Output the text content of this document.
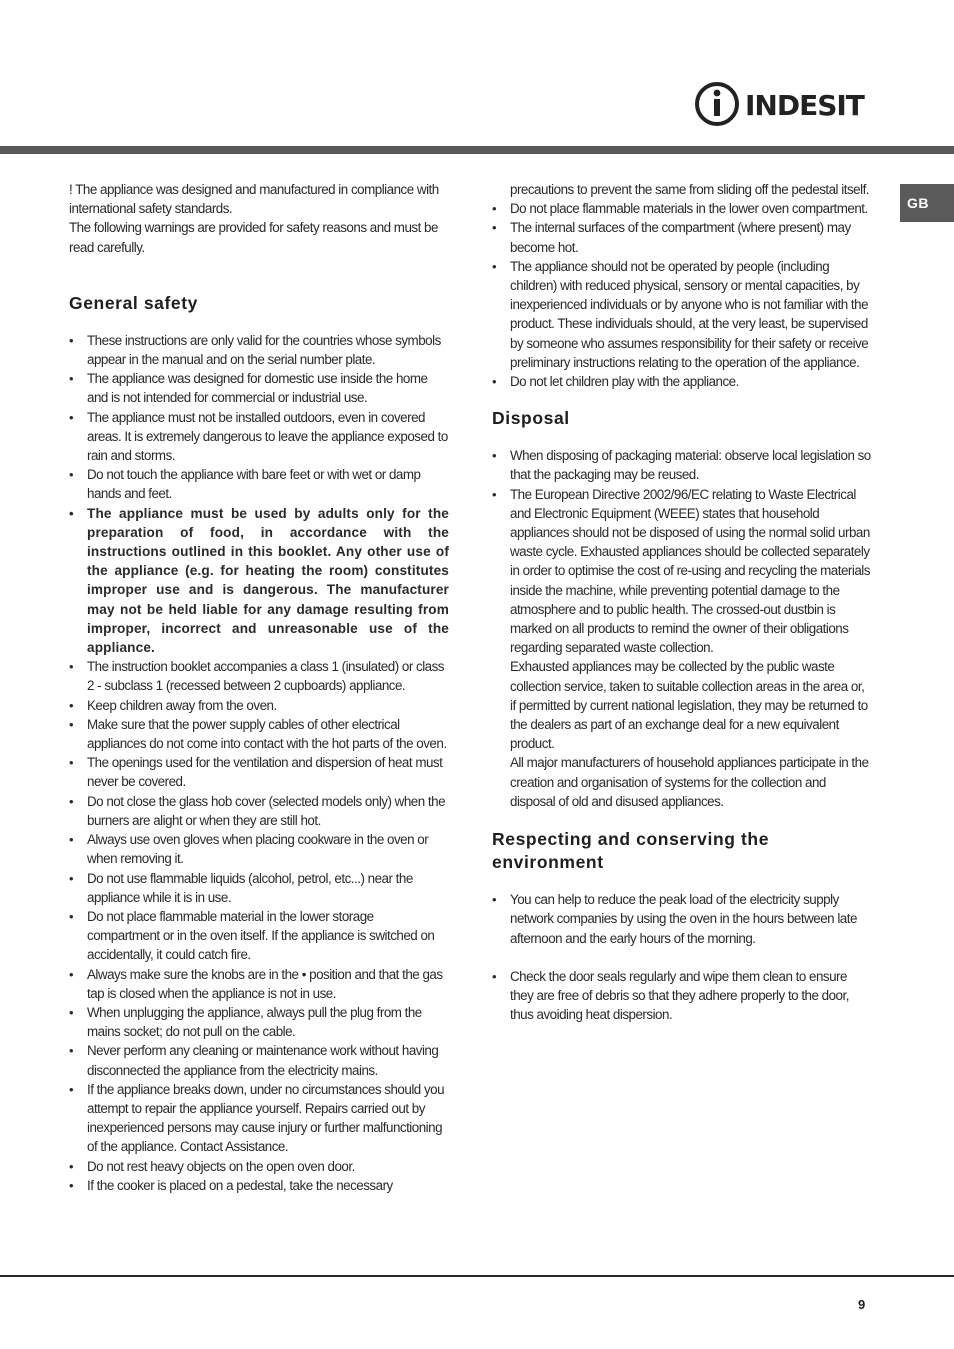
INDESIT
GB

! The appliance was designed and manufactured in compliance with international safety standards.

The following warnings are provided for safety reasons and must be read carefully.

General safety
• These instructions are only valid for the countries whose symbols appear in the manual and on the serial number plate.
• The appliance was designed for domestic use inside the home and is not intended for commercial or industrial use.
• The appliance must not be installed outdoors, even in covered areas. It is extremely dangerous to leave the appliance exposed to rain and storms.
• Do not touch the appliance with bare feet or with wet or damp hands and feet.
• The appliance must be used by adults only for the preparation of food, in accordance with the instructions outlined in this booklet. Any other use of the appliance (e.g. for heating the room) constitutes improper use and is dangerous. The manufacturer may not be held liable for any damage resulting from improper, incorrect and unreasonable use of the appliance.
• The instruction booklet accompanies a class 1 (insulated) or class 2 - subclass 1 (recessed between 2 cupboards) appliance.
• Keep children away from the oven.
• Make sure that the power supply cables of other electrical appliances do not come into contact with the hot parts of the oven.
• The openings used for the ventilation and dispersion of heat must never be covered.
• Do not close the glass hob cover (selected models only) when the burners are alight or when they are still hot.
• Always use oven gloves when placing cookware in the oven or when removing it.
• Do not use flammable liquids (alcohol, petrol, etc...) near the appliance while it is in use.
• Do not place flammable material in the lower storage compartment or in the oven itself. If the appliance is switched on accidentally, it could catch fire.
• Always make sure the knobs are in the • position and that the gas tap is closed when the appliance is not in use.
• When unplugging the appliance, always pull the plug from the mains socket; do not pull on the cable.
• Never perform any cleaning or maintenance work without having disconnected the appliance from the electricity mains.
• If the appliance breaks down, under no circumstances should you attempt to repair the appliance yourself. Repairs carried out by inexperienced persons may cause injury or further malfunctioning of the appliance. Contact Assistance.
• Do not rest heavy objects on the open oven door.
• If the cooker is placed on a pedestal, take the necessary
precautions to prevent the same from sliding off the pedestal itself.
• Do not place flammable materials in the lower oven compartment.
• The internal surfaces of the compartment (where present) may become hot.
• The appliance should not be operated by people (including children) with reduced physical, sensory or mental capacities, by inexperienced individuals or by anyone who is not familiar with the product. These individuals should, at the very least, be supervised by someone who assumes responsibility for their safety or receive preliminary instructions relating to the operation of the appliance.
• Do not let children play with the appliance.
Disposal
• When disposing of packaging material: observe local legislation so that the packaging may be reused.
• The European Directive 2002/96/EC relating to Waste Electrical and Electronic Equipment (WEEE) states that household appliances should not be disposed of using the normal solid urban waste cycle. Exhausted appliances should be collected separately in order to optimise the cost of re-using and recycling the materials inside the machine, while preventing potential damage to the atmosphere and to public health. The crossed-out dustbin is marked on all products to remind the owner of their obligations regarding separated waste collection.
Exhausted appliances may be collected by the public waste collection service, taken to suitable collection areas in the area or, if permitted by current national legislation, they may be returned to the dealers as part of an exchange deal for a new equivalent product.
All major manufacturers of household appliances participate in the creation and organisation of systems for the collection and disposal of old and disused appliances.
Respecting and conserving the environment
• You can help to reduce the peak load of the electricity supply network companies by using the oven in the hours between late afternoon and the early hours of the morning.
• Check the door seals regularly and wipe them clean to ensure they are free of debris so that they adhere properly to the door, thus avoiding heat dispersion.
9
